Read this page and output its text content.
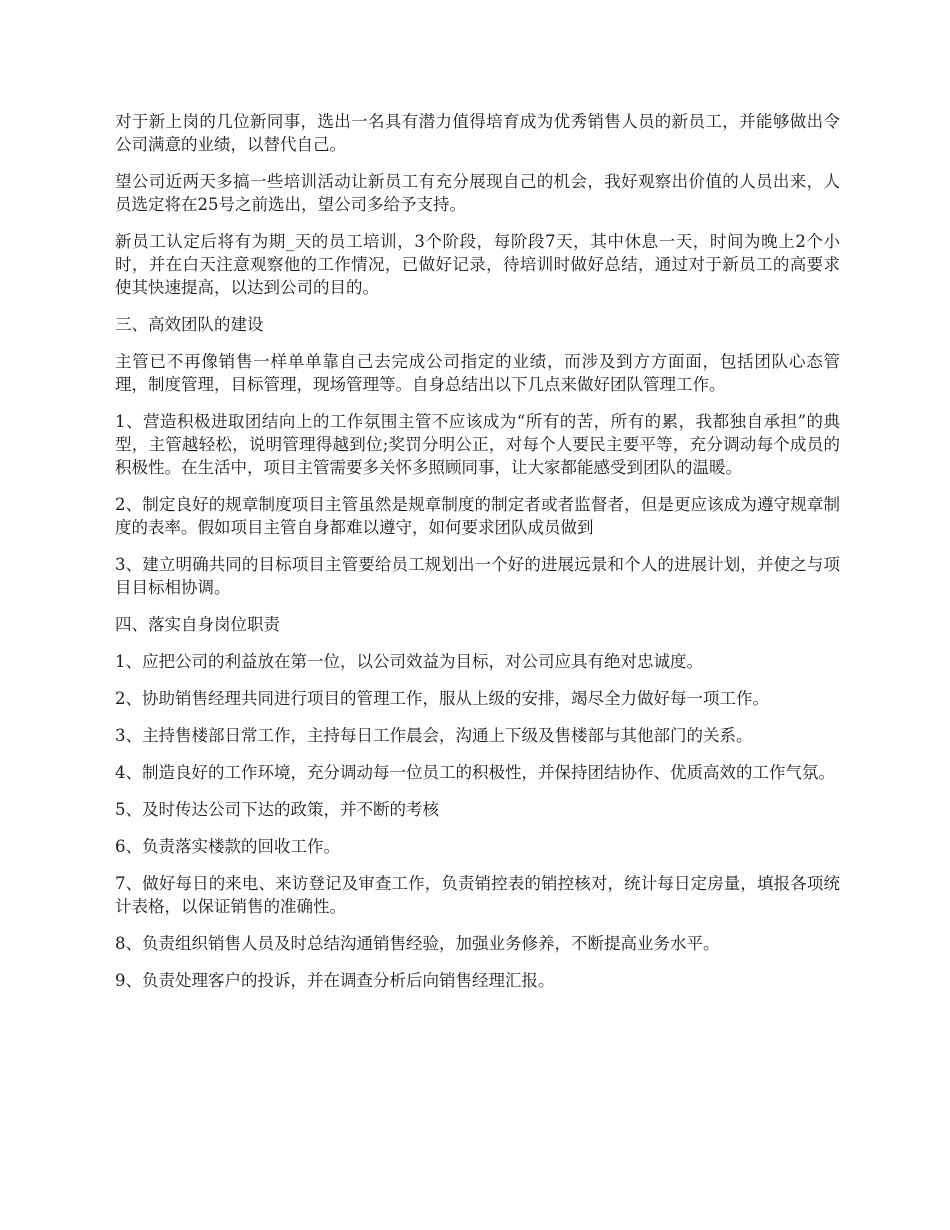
对于新上岗的几位新同事，选出一名具有潜力值得培育成为优秀销售人员的新员工，并能够做出令公司满意的业绩，以替代自己。

望公司近两天多搞一些培训活动让新员工有充分展现自己的机会，我好观察出价值的人员出来，人员选定将在25号之前选出，望公司多给予支持。

新员工认定后将有为期_天的员工培训，3个阶段，每阶段7天，其中休息一天，时间为晚上2个小时，并在白天注意观察他的工作情况，已做好记录，待培训时做好总结，通过对于新员工的高要求使其快速提高，以达到公司的目的。

三、高效团队的建设

主管已不再像销售一样单单靠自己去完成公司指定的业绩，而涉及到方方面面，包括团队心态管理，制度管理，目标管理，现场管理等。自身总结出以下几点来做好团队管理工作。

1、营造积极进取团结向上的工作氛围主管不应该成为“所有的苦，所有的累，我都独自承担”的典型，主管越轻松，说明管理得越到位;奖罚分明公正，对每个人要民主要平等，充分调动每个成员的积极性。在生活中，项目主管需要多关怀多照顾同事，让大家都能感受到团队的温暖。

2、制定良好的规章制度项目主管虽然是规章制度的制定者或者监督者，但是更应该成为遵守规章制度的表率。假如项目主管自身都难以遵守，如何要求团队成员做到

3、建立明确共同的目标项目主管要给员工规划出一个好的进展远景和个人的进展计划，并使之与项目目标相协调。

四、落实自身岗位职责

1、应把公司的利益放在第一位，以公司效益为目标，对公司应具有绝对忠诚度。

2、协助销售经理共同进行项目的管理工作，服从上级的安排，竭尽全力做好每一项工作。

3、主持售楼部日常工作，主持每日工作晨会，沟通上下级及售楼部与其他部门的关系。

4、制造良好的工作环境，充分调动每一位员工的积极性，并保持团结协作、优质高效的工作气氛。

5、及时传达公司下达的政策，并不断的考核

6、负责落实楼款的回收工作。

7、做好每日的来电、来访登记及审查工作，负责销控表的销控核对，统计每日定房量，填报各项统计表格，以保证销售的准确性。

8、负责组织销售人员及时总结沟通销售经验，加强业务修养，不断提高业务水平。

9、负责处理客户的投诉，并在调查分析后向销售经理汇报。
